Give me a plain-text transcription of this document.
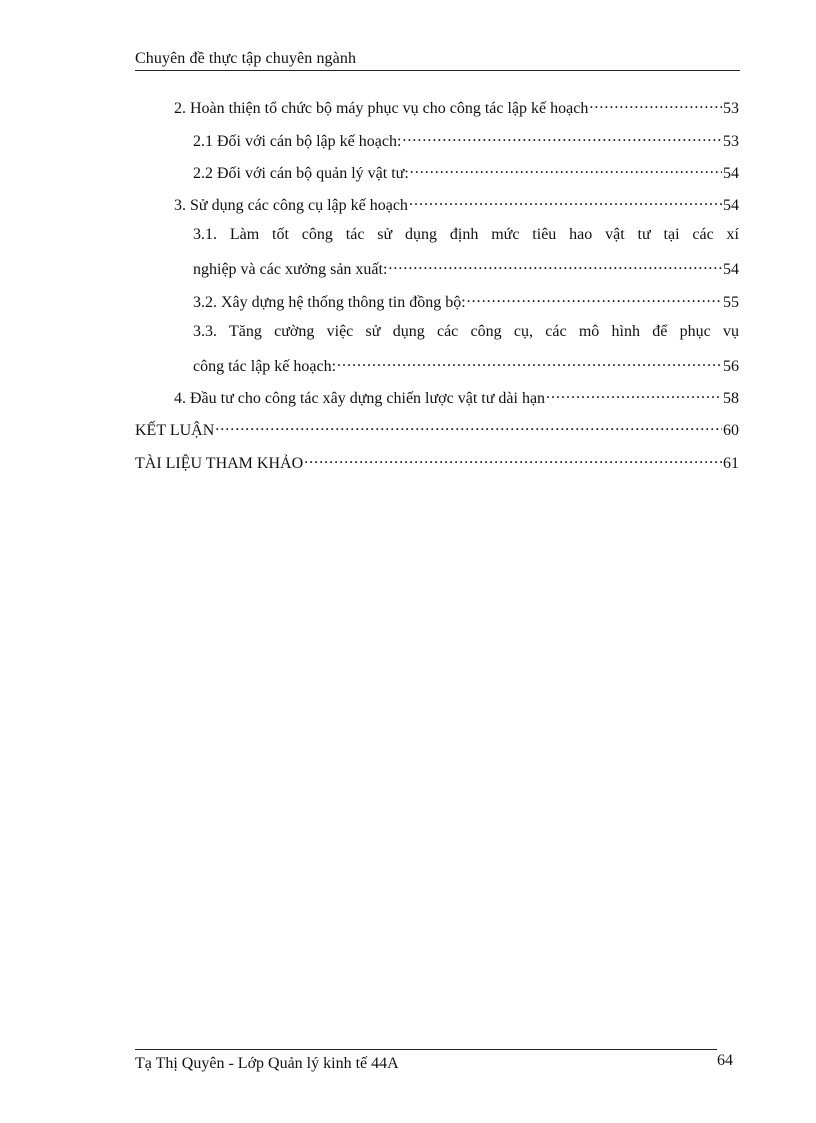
Chuyên đề thực tập chuyên ngành
2. Hoàn thiện tổ chức bộ máy phục vụ cho công tác lập kế hoạch .....	53
2.1 Đối với cán bộ lập kế hoạch: .....	53
2.2 Đối với cán bộ quản lý vật tư: .....	54
3. Sử dụng các công cụ lập kế hoạch .....	54
3.1. Làm tốt công tác sử dụng định mức tiêu hao vật tư tại các xí
nghiệp và các xưởng sản xuất: .....	54
3.2. Xây dựng hệ thống thông tin đồng bộ: .....	55
3.3. Tăng cường việc sử dụng các công cụ, các mô hình để phục vụ
công tác lập kế hoạch: .....	56
4. Đầu tư cho công tác xây dựng chiến lược vật tư dài hạn .....	58
KẾT LUẬN .....	60
TÀI LIỆU THAM KHẢO .....	61
Tạ Thị Quyên - Lớp Quản lý kinh tế 44A	64
